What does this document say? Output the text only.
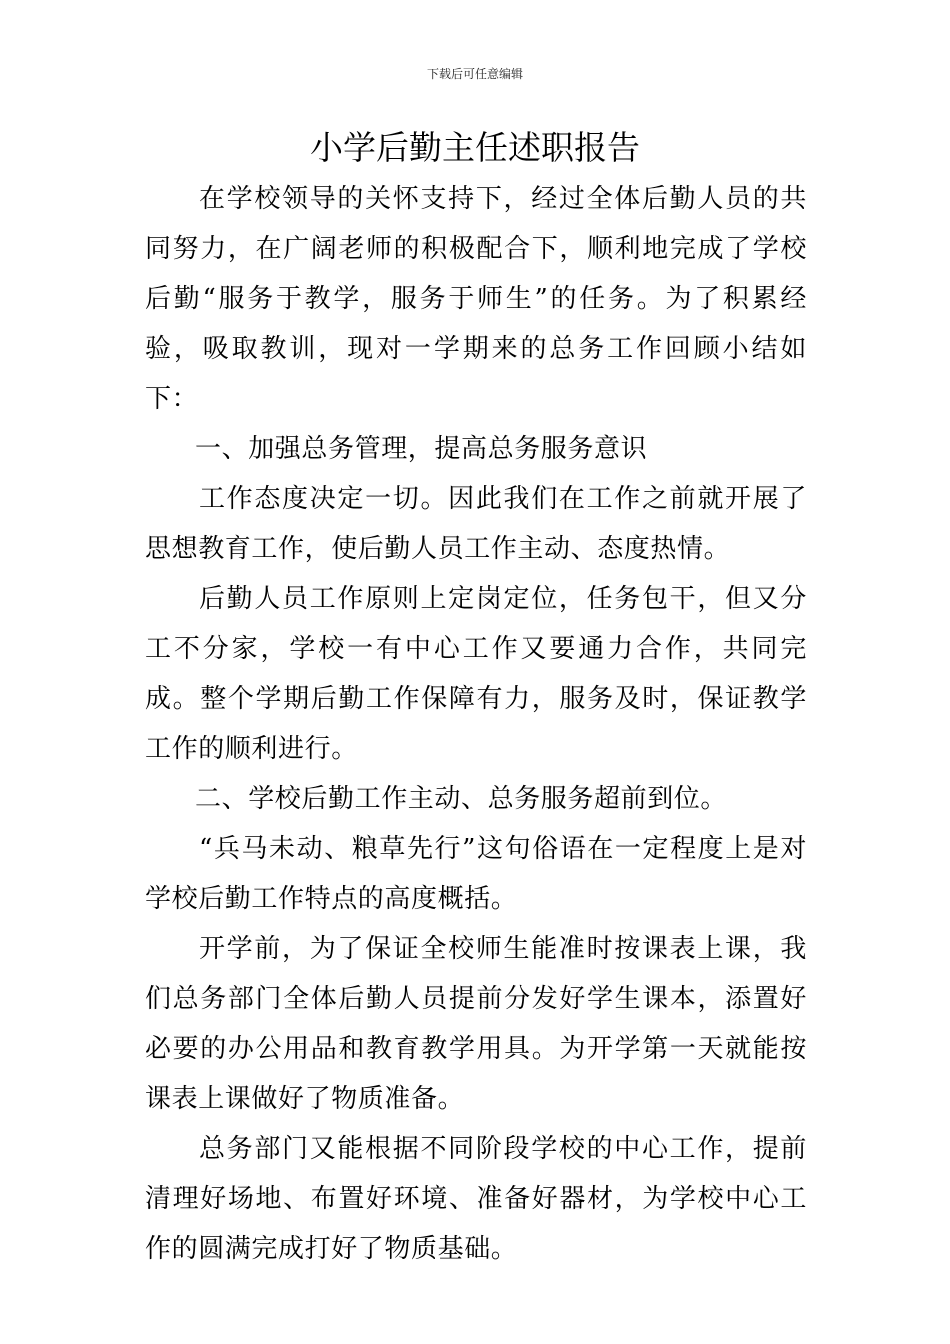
下载后可任意编辑
小学后勤主任述职报告

在学校领导的关怀支持下，经过全体后勤人员的共同努力，在广阔老师的积极配合下，顺利地完成了学校后勤“服务于教学，服务于师生”的任务。为了积累经验，吸取教训，现对一学期来的总务工作回顾小结如下：

一、加强总务管理，提高总务服务意识

工作态度决定一切。因此我们在工作之前就开展了思想教育工作，使后勤人员工作主动、态度热情。

后勤人员工作原则上定岗定位，任务包干，但又分工不分家，学校一有中心工作又要通力合作，共同完成。整个学期后勤工作保障有力，服务及时，保证教学工作的顺利进行。

二、学校后勤工作主动、总务服务超前到位。

“兵马未动、粮草先行”这句俗语在一定程度上是对学校后勤工作特点的高度概括。

开学前，为了保证全校师生能准时按课表上课，我们总务部门全体后勤人员提前分发好学生课本，添置好必要的办公用品和教育教学用具。为开学第一天就能按课表上课做好了物质准备。

总务部门又能根据不同阶段学校的中心工作，提前清理好场地、布置好环境、准备好器材，为学校中心工作的圆满完成打好了物质基础。
